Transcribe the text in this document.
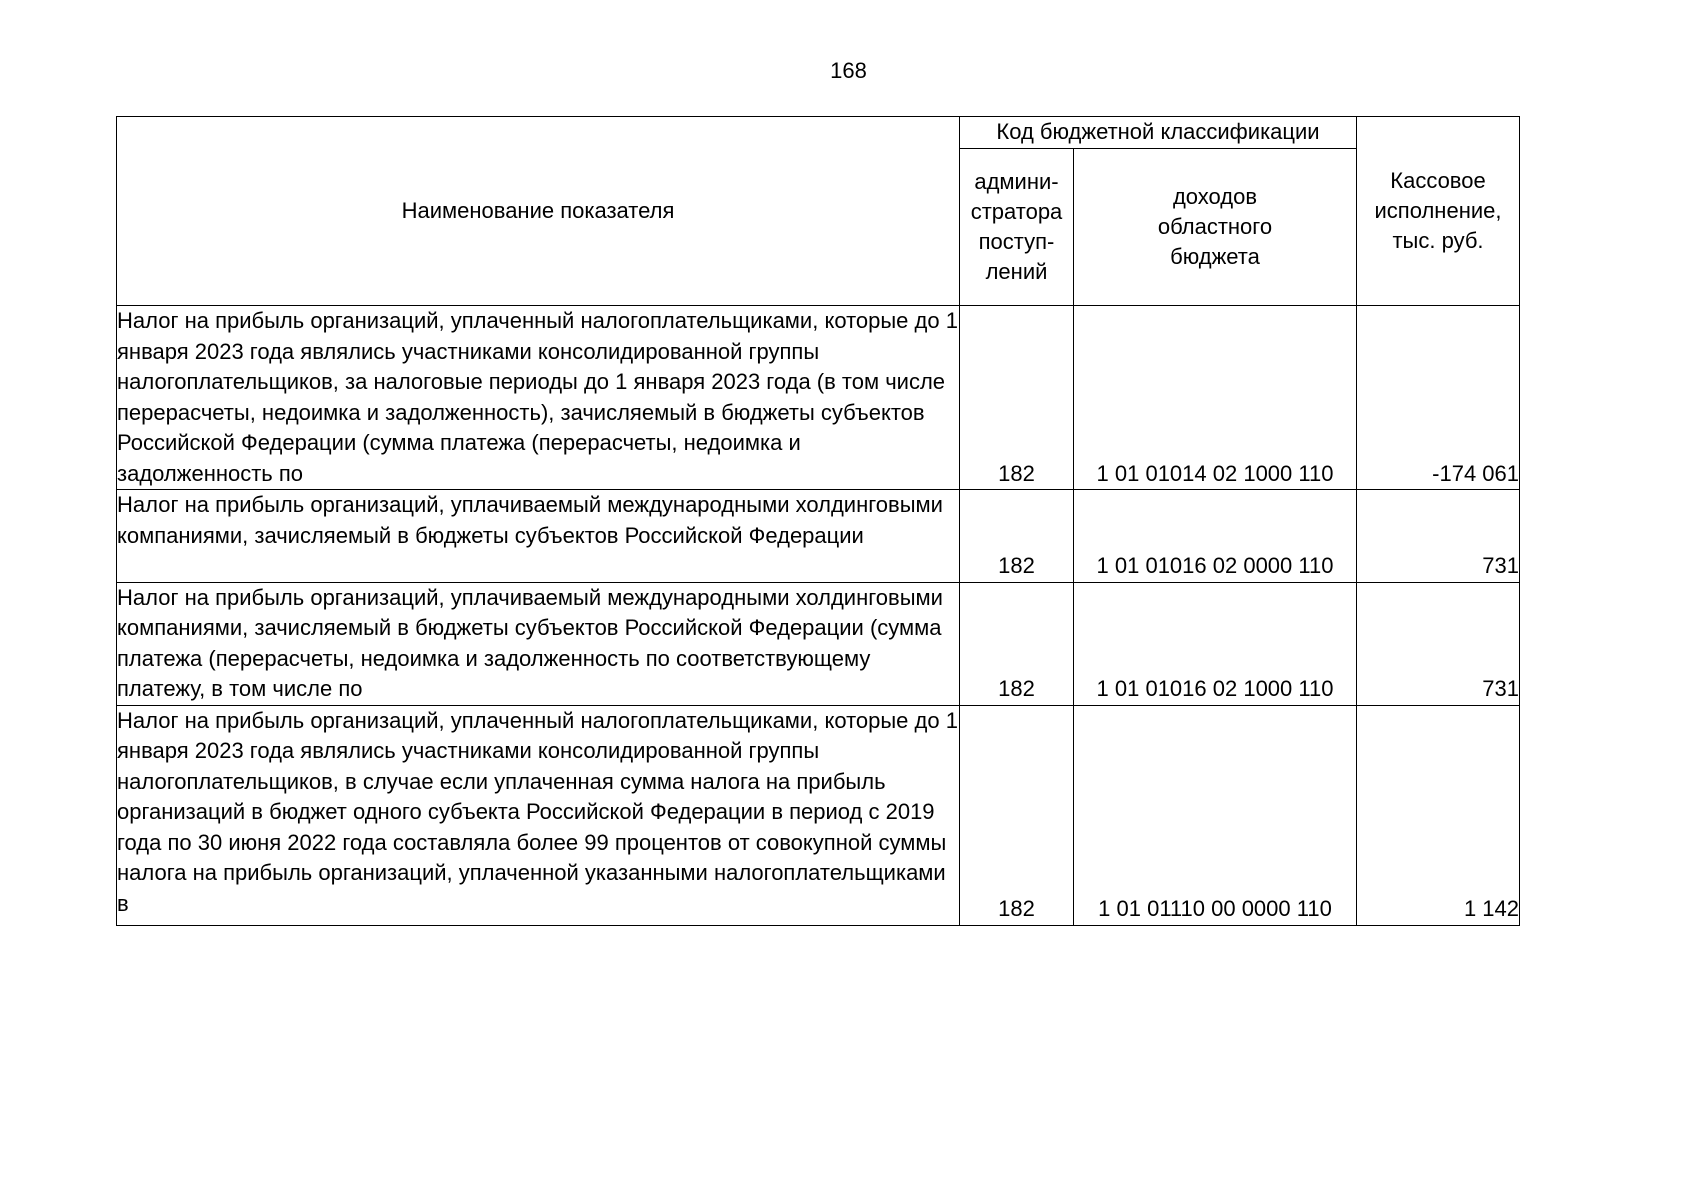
168
Наименование показателя	Код бюджетной классификации		Кассовое
исполнение,
тыс. руб.
	админи-
стратора
поступ-
лений	доходов
областного
бюджета	

Налог на прибыль организаций, уплаченный налогоплательщиками, которые до 1 января 2023 года являлись участниками консолидированной группы налогоплательщиков, за налоговые периоды до 1 января 2023 года (в том числе перерасчеты, недоимка и задолженность), зачисляемый в бюджеты субъектов Российской Федерации (сумма платежа (перерасчеты, недоимка и задолженность по	182	1 01 01014 02 1000 110	-174 061

Налог на прибыль организаций, уплачиваемый международными холдинговыми компаниями, зачисляемый в бюджеты субъектов Российской Федерации	182	1 01 01016 02 0000 110	731

Налог на прибыль организаций, уплачиваемый международными холдинговыми компаниями, зачисляемый в бюджеты субъектов Российской Федерации (сумма платежа (перерасчеты, недоимка и задолженность по соответствующему платежу, в том числе по	182	1 01 01016 02 1000 110	731

Налог на прибыль организаций, уплаченный налогоплательщиками, которые до 1 января 2023 года являлись участниками консолидированной группы налогоплательщиков, в случае если уплаченная сумма налога на прибыль организаций в бюджет одного субъекта Российской Федерации в период с 2019 года по 30 июня 2022 года составляла более 99 процентов от совокупной суммы налога на прибыль организаций, уплаченной указанными налогоплательщиками в	182	1 01 01110 00 0000 110	1 142
